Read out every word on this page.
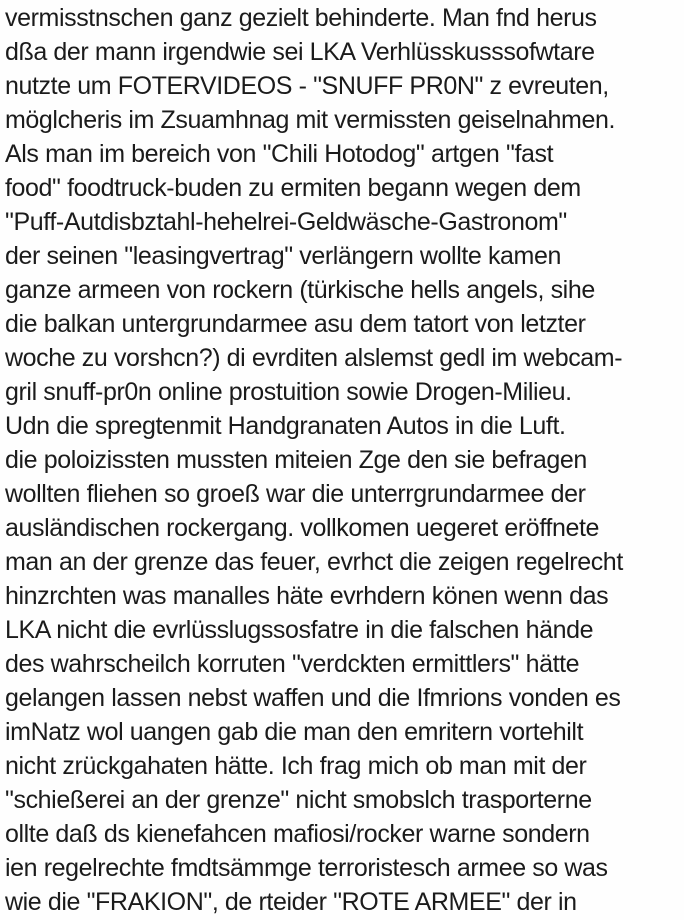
vermisstnschen ganz gezielt behinderte. Man fnd herus
dßa der mann irgendwie sei LKA Verhlüsskusssofwtare
nutzte um FOTERVIDEOS - "SNUFF PR0N" z evreuten,
möglcheris im Zsuamhnag mit vermissten geiselnahmen.
Als man im bereich von "Chili Hotodog" artgen "fast
food" foodtruck-buden zu ermiten begann wegen dem
"Puff-Autdisbztahl-hehelrei-Geldwäsche-Gastronom"
der seinen "leasingvertrag" verlängern wollte kamen
ganze armeen von rockern (türkische hells angels, sihe
die balkan untergrundarmee asu dem tatort von letzter
woche zu vorshcn?) di evrditen alslemst gedl im webcam-
gril snuff-pr0n online prostuition sowie Drogen-Milieu.
Udn die spregtenmit Handgranaten Autos in die Luft.
die poloizissten mussten miteien Zge den sie befragen
wollten fliehen so groeß war die unterrgrundarmee der
ausländischen rockergang. vollkomen uegeret eröffnete
man an der grenze das feuer, evrhct die zeigen regelrecht
hinzrchten was manalles häte evrhdern könen wenn das
LKA nicht die evrlüsslugssosfatre in die falschen hände
des wahrscheilch korruten "verdckten ermittlers" hätte
gelangen lassen nebst waffen und die Ifmrions vonden es
imNatz wol uangen gab die man den emritern vortehilt
nicht zrückgahaten hätte. Ich frag mich ob man mit der
"schießerei an der grenze" nicht smobslch trasporterne
ollte daß ds kienefahcen mafiosi/rocker warne sondern
ien regelrechte fmdtsämmge terroristesch armee so was
wie die "FRAKION", de rteider "ROTE ARMEE" der in
